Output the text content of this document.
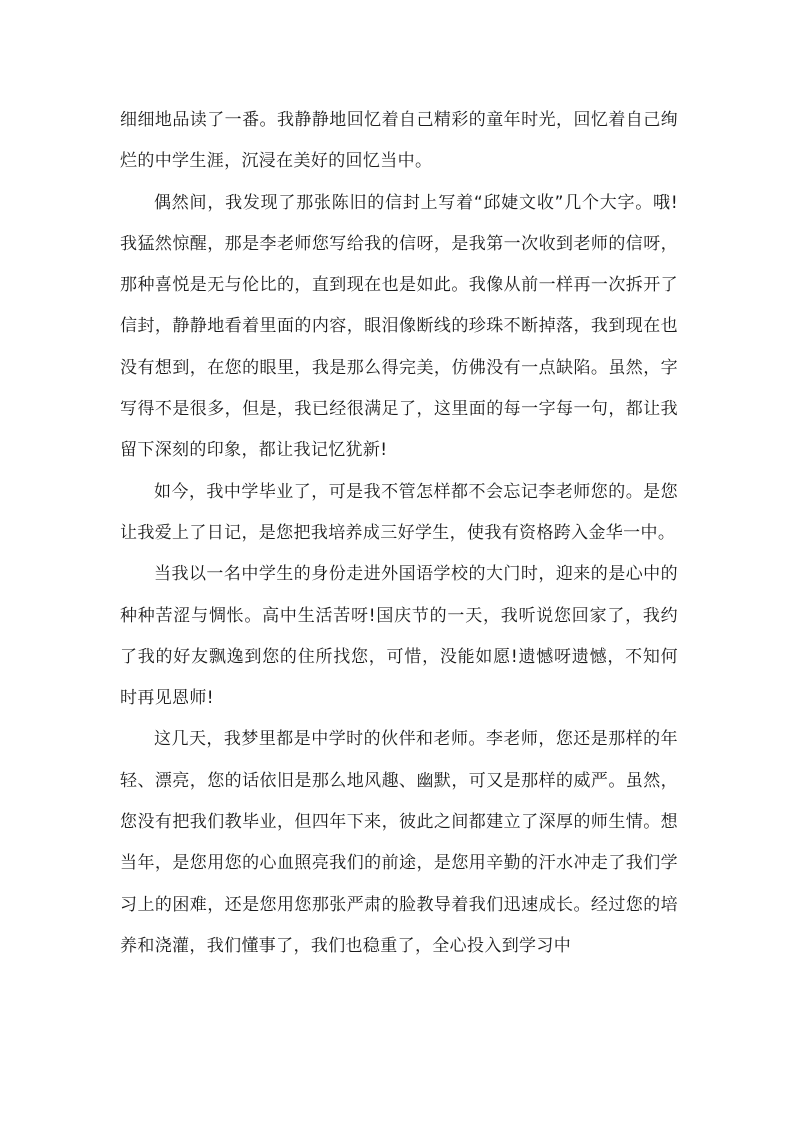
细细地品读了一番。我静静地回忆着自己精彩的童年时光，回忆着自己绚烂的中学生涯，沉浸在美好的回忆当中。

偶然间，我发现了那张陈旧的信封上写着“邱婕文收”几个大字。哦!我猛然惊醒，那是李老师您写给我的信呀，是我第一次收到老师的信呀，那种喜悦是无与伦比的，直到现在也是如此。我像从前一样再一次拆开了信封，静静地看着里面的内容，眼泪像断线的珍珠不断掉落，我到现在也没有想到，在您的眼里，我是那么得完美，仿佛没有一点缺陷。虽然，字写得不是很多，但是，我已经很满足了，这里面的每一字每一句，都让我留下深刻的印象，都让我记忆犹新!

如今，我中学毕业了，可是我不管怎样都不会忘记李老师您的。是您让我爱上了日记，是您把我培养成三好学生，使我有资格跨入金华一中。

当我以一名中学生的身份走进外国语学校的大门时，迎来的是心中的种种苦涩与惆怅。高中生活苦呀!国庆节的一天，我听说您回家了，我约了我的好友飘逸到您的住所找您，可惜，没能如愿!遗憾呀遗憾，不知何时再见恩师!

这几天，我梦里都是中学时的伙伴和老师。李老师，您还是那样的年轻、漂亮，您的话依旧是那么地风趣、幽默，可又是那样的威严。虽然，您没有把我们教毕业，但四年下来，彼此之间都建立了深厚的师生情。想当年，是您用您的心血照亮我们的前途，是您用辛勤的汗水冲走了我们学习上的困难，还是您用您那张严肃的脸教导着我们迅速成长。经过您的培养和浇灌，我们懂事了，我们也稳重了，全心投入到学习中
